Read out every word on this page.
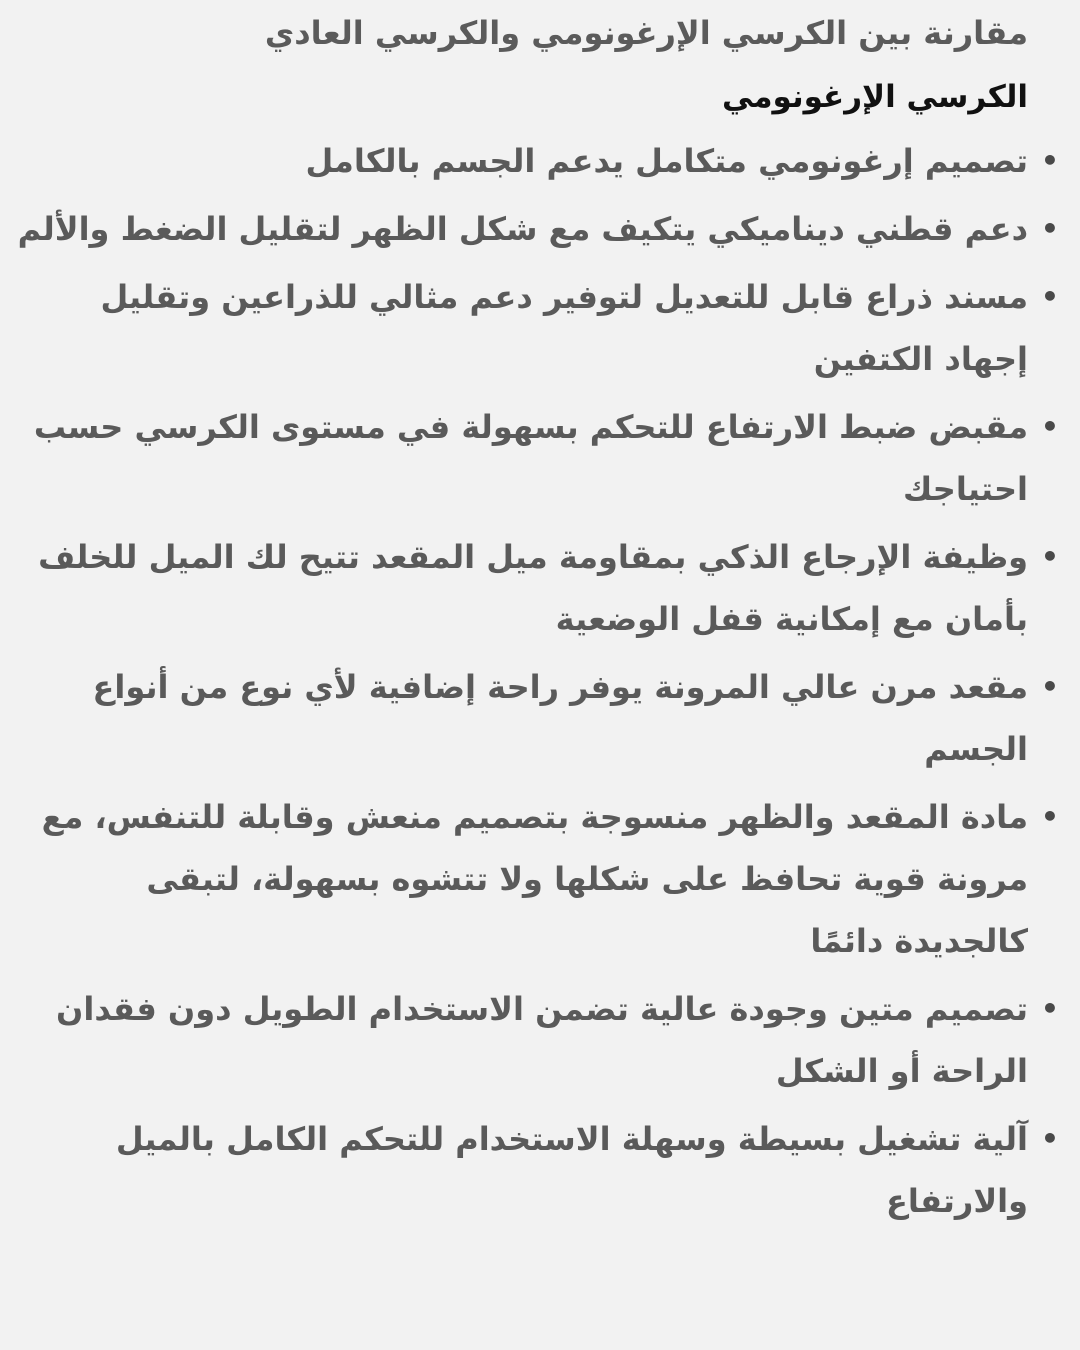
مقارنة بين الكرسي الإرغونومي والكرسي العادي
الكرسي الإرغونومي
•
تصميم إرغونومي متكامل يدعم الجسم بالكامل
•
دعم قطني ديناميكي يتكيف مع شكل الظهر لتقليل الضغط والألم
•
مسند ذراع قابل للتعديل لتوفير دعم مثالي للذراعين وتقليل إجهاد الكتفين
•
مقبض ضبط الارتفاع للتحكم بسهولة في مستوى الكرسي حسب احتياجك
•
وظيفة الإرجاع الذكي بمقاومة ميل المقعد تتيح لك الميل للخلف بأمان مع إمكانية قفل الوضعية
•
مقعد مرن عالي المرونة يوفر راحة إضافية لأي نوع من أنواع الجسم
•
مادة المقعد والظهر منسوجة بتصميم منعش وقابلة للتنفس، مع مرونة قوية تحافظ على شكلها ولا تتشوه بسهولة، لتبقى كالجديدة دائمًا
•
تصميم متين وجودة عالية تضمن الاستخدام الطويل دون فقدان الراحة أو الشكل
•
آلية تشغيل بسيطة وسهلة الاستخدام للتحكم الكامل بالميل والارتفاع
